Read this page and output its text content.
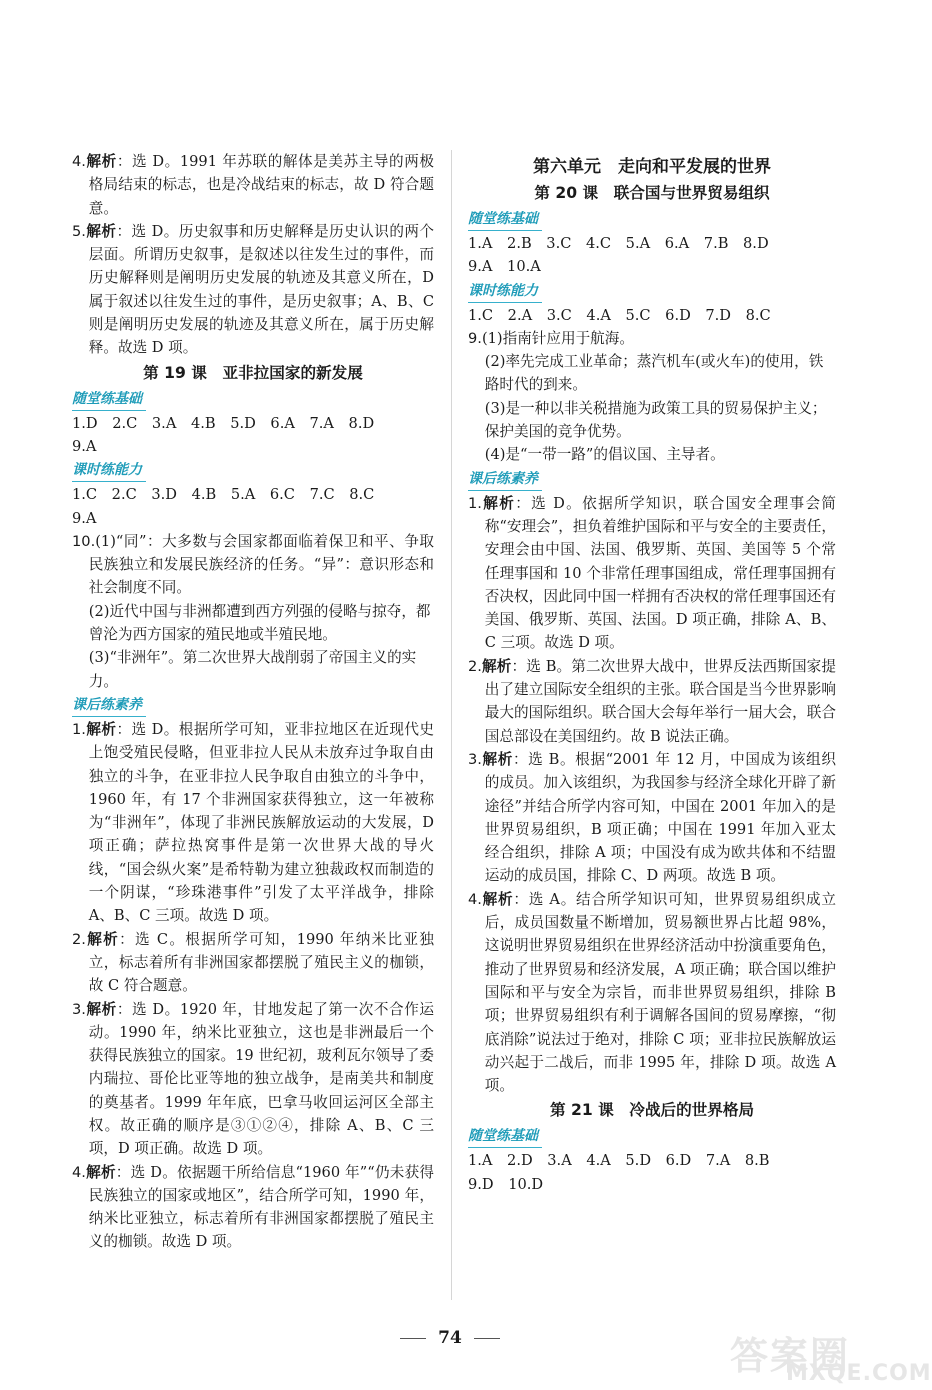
4.解析：选 D。1991 年苏联的解体是美苏主导的两极格局结束的标志，也是冷战结束的标志，故 D 符合题意。

5.解析：选 D。历史叙事和历史解释是历史认识的两个层面。所谓历史叙事，是叙述以往发生过的事件，而历史解释则是阐明历史发展的轨迹及其意义所在，D 属于叙述以往发生过的事件，是历史叙事；A、B、C 则是阐明历史发展的轨迹及其意义所在，属于历史解释。故选 D 项。

第 19 课　亚非拉国家的新发展
随堂练基础

1.D　2.C　3.A　4.B　5.D　6.A　7.A　8.D

9.A

课时练能力

1.C　2.C　3.D　4.B　5.A　6.C　7.C　8.C

9.A

10.(1)“同”：大多数与会国家都面临着保卫和平、争取民族独立和发展民族经济的任务。“异”：意识形态和社会制度不同。

(2)近代中国与非洲都遭到西方列强的侵略与掠夺，都曾沦为西方国家的殖民地或半殖民地。

(3)“非洲年”。第二次世界大战削弱了帝国主义的实力。

课后练素养

1.解析：选 D。根据所学可知，亚非拉地区在近现代史上饱受殖民侵略，但亚非拉人民从未放弃过争取自由独立的斗争，在亚非拉人民争取自由独立的斗争中，1960 年，有 17 个非洲国家获得独立，这一年被称为“非洲年”，体现了非洲民族解放运动的大发展，D 项正确；萨拉热窝事件是第一次世界大战的导火线，“国会纵火案”是希特勒为建立独裁政权而制造的一个阴谋，“珍珠港事件”引发了太平洋战争，排除 A、B、C 三项。故选 D 项。

2.解析：选 C。根据所学可知，1990 年纳米比亚独立，标志着所有非洲国家都摆脱了殖民主义的枷锁，故 C 符合题意。

3.解析：选 D。1920 年，甘地发起了第一次不合作运动。1990 年，纳米比亚独立，这也是非洲最后一个获得民族独立的国家。19 世纪初，玻利瓦尔领导了委内瑞拉、哥伦比亚等地的独立战争，是南美共和制度的奠基者。1999 年年底，巴拿马收回运河区全部主权。故正确的顺序是③①②④，排除 A、B、C 三项，D 项正确。故选 D 项。

4.解析：选 D。依据题干所给信息“1960 年”“仍未获得民族独立的国家或地区”，结合所学可知，1990 年，纳米比亚独立，标志着所有非洲国家都摆脱了殖民主义的枷锁。故选 D 项。

第六单元　走向和平发展的世界
第 20 课　联合国与世界贸易组织
随堂练基础

1.A　2.B　3.C　4.C　5.A　6.A　7.B　8.D

9.A　10.A

课时练能力

1.C　2.A　3.C　4.A　5.C　6.D　7.D　8.C

9.(1)指南针应用于航海。

(2)率先完成工业革命；蒸汽机车(或火车)的使用，铁路时代的到来。

(3)是一种以非关税措施为政策工具的贸易保护主义；保护美国的竞争优势。

(4)是“一带一路”的倡议国、主导者。

课后练素养

1.解析：选 D。依据所学知识，联合国安全理事会简称“安理会”，担负着维护国际和平与安全的主要责任，安理会由中国、法国、俄罗斯、英国、美国等 5 个常任理事国和 10 个非常任理事国组成，常任理事国拥有否决权，因此同中国一样拥有否决权的常任理事国还有美国、俄罗斯、英国、法国。D 项正确，排除 A、B、C 三项。故选 D 项。

2.解析：选 B。第二次世界大战中，世界反法西斯国家提出了建立国际安全组织的主张。联合国是当今世界影响最大的国际组织。联合国大会每年举行一届大会，联合国总部设在美国纽约。故 B 说法正确。

3.解析：选 B。根据“2001 年 12 月，中国成为该组织的成员。加入该组织，为我国参与经济全球化开辟了新途径”并结合所学内容可知，中国在 2001 年加入的是世界贸易组织，B 项正确；中国在 1991 年加入亚太经合组织，排除 A 项；中国没有成为欧共体和不结盟运动的成员国，排除 C、D 两项。故选 B 项。

4.解析：选 A。结合所学知识可知，世界贸易组织成立后，成员国数量不断增加，贸易额世界占比超 98%，这说明世界贸易组织在世界经济活动中扮演重要角色，推动了世界贸易和经济发展，A 项正确；联合国以维护国际和平与安全为宗旨，而非世界贸易组织，排除 B 项；世界贸易组织有利于调解各国间的贸易摩擦，“彻底消除”说法过于绝对，排除 C 项；亚非拉民族解放运动兴起于二战后，而非 1995 年，排除 D 项。故选 A 项。

第 21 课　冷战后的世界格局
随堂练基础

1.A　2.D　3.A　4.A　5.D　6.D　7.A　8.B

9.D　10.D

74	答案圈
MXQE.COM
